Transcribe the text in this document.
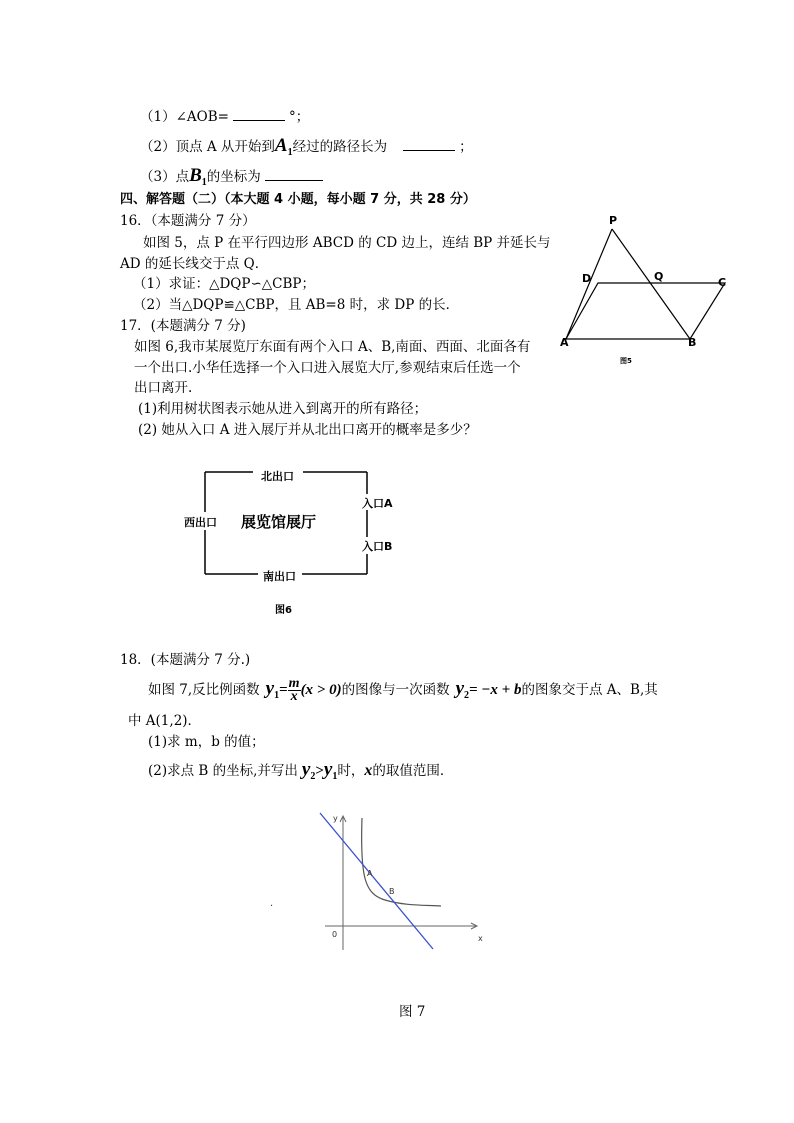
（1）∠AOB=	°；
（2）顶点 A 从开始到$A_1$经过的路径长为	；
（3）点$B_1$的坐标为
四、解答题（二）（本大题 4 小题，每小题 7 分，共 28 分）
16．（本题满分 7 分）
如图 5，点 P 在平行四边形 ABCD 的 CD 边上，连结 BP 并延长与
AD 的延长线交于点 Q．
（1）求证：△DQP∽△CBP；
（2）当△DQP≌△CBP，且 AB=8 时，求 DP 的长．
P
D	Q	C
A	B
图5
17．(本题满分 7 分)
如图 6,我市某展览厅东面有两个入口 A、B,南面、西面、北面各有
一个出口.小华任选择一个入口进入展览大厅,参观结束后任选一个
出口离开.
(1)利用树状图表示她从进入到离开的所有路径；
(2) 她从入口 A 进入展厅并从北出口离开的概率是多少？
北出口
西出口 展览馆展厅
入口A
入口B
南出口
图6
18．(本题满分 7 分.)
如图 7,反比例函数 $y_1= \frac{m}{x} (x > 0)$的图像与一次函数 $y_2= -x + b$的图象交于点 A、B,其
中 A(1,2)．
(1)求 m，b 的值；
(2)求点 B 的坐标,并写出 $y_2>y_1$时，x的取值范围．
y
x
0
A
B
.
图 7
